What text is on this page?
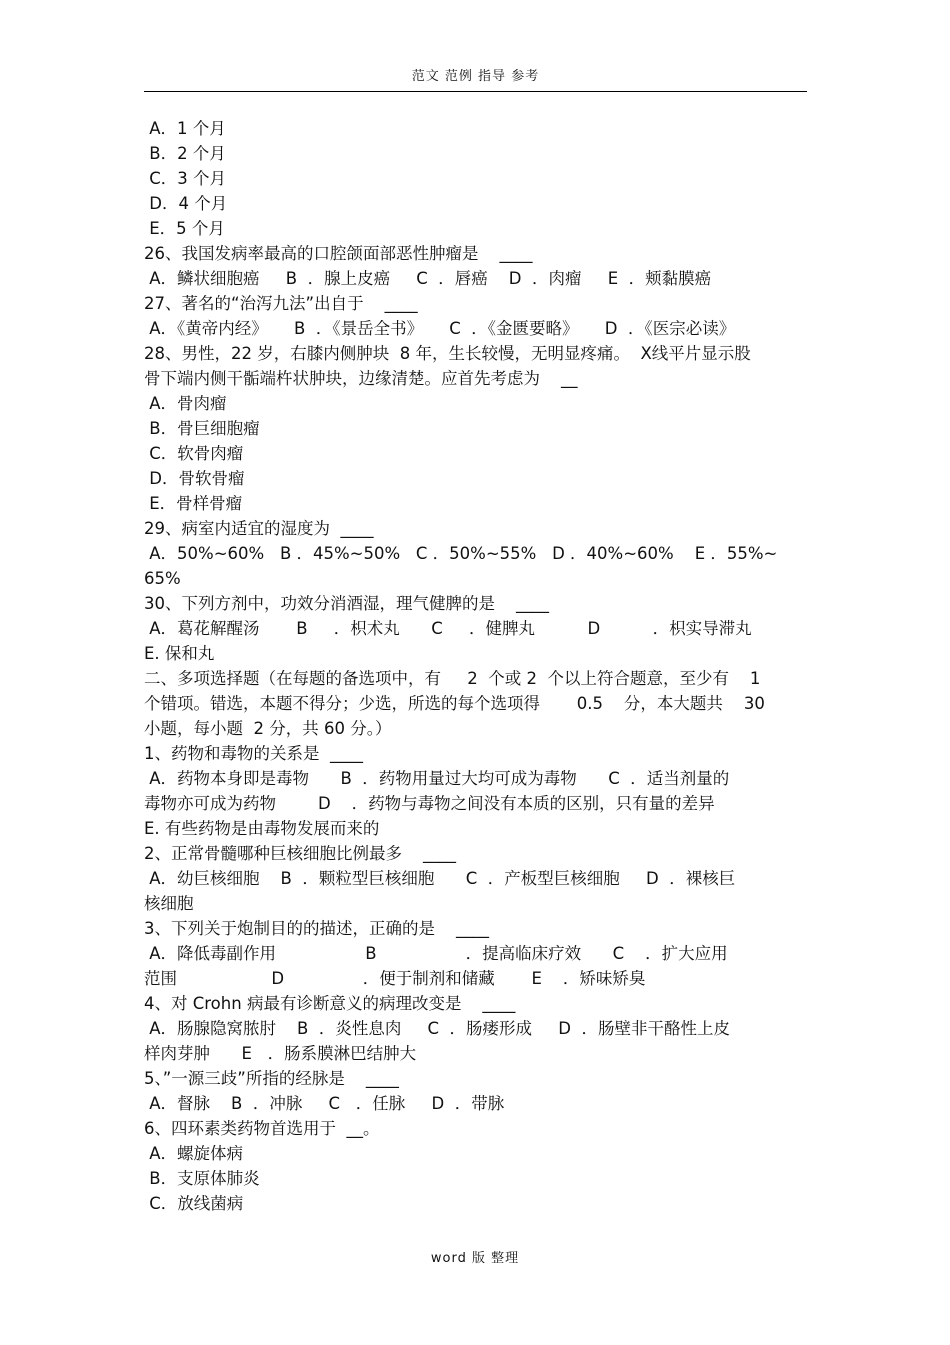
范文 范例 指导 参考
A．1 个月
B．2 个月
C．3 个月
D．4 个月
E．5 个月
26、我国发病率最高的口腔颌面部恶性肿瘤是    ____
A．鳞状细胞癌     B  ．腺上皮癌     C  ．唇癌    D  ．肉瘤     E  ．颊黏膜癌
27、著名的“治泻九法”出自于    ____
A．《黄帝内经》     B  ．《景岳全书》     C  ．《金匮要略》     D  ．《医宗必读》
28、男性，22 岁，右膝内侧肿块  8 年，生长较慢，无明显疼痛。  X线平片显示股
骨下端内侧干骺端杵状肿块，边缘清楚。应首先考虑为    __
A．骨肉瘤
B．骨巨细胞瘤
C．软骨肉瘤
D．骨软骨瘤
E．骨样骨瘤
29、病室内适宜的湿度为  ____
A．50%~60%   B ．45%~50%   C ．50%~55%   D ．40%~60%    E ．55%~
65%
30、下列方剂中，功效分消酒湿，理气健脾的是    ____
A．葛花解醒汤       B     ．枳术丸      C     ．健脾丸          D          ．枳实导滞丸
E. 保和丸
二、多项选择题（在每题的备选项中，有     2  个或 2  个以上符合题意，至少有    1
个错项。错选，本题不得分；少选，所选的每个选项得       0.5    分，本大题共    30
小题，每小题  2 分，共 60 分。）
1、药物和毒物的关系是  ____
A．药物本身即是毒物      B  ．药物用量过大均可成为毒物      C  ．适当剂量的
毒物亦可成为药物        D    ．药物与毒物之间没有本质的区别，只有量的差异
E. 有些药物是由毒物发展而来的
2、正常骨髓哪种巨核细胞比例最多    ____
A．幼巨核细胞    B  ．颗粒型巨核细胞      C  ．产板型巨核细胞     D  ．裸核巨
核细胞
3、下列关于炮制目的的描述，正确的是    ____
A．降低毒副作用                 B                 ．提高临床疗效      C    ．扩大应用
范围                  D               ．便于制剂和储藏       E    ．矫味矫臭
4、对 Crohn 病最有诊断意义的病理改变是    ____
A．肠腺隐窝脓肘    B  ．炎性息肉     C  ．肠瘘形成     D  ．肠壁非干酪性上皮
样肉芽肿      E   ．肠系膜淋巴结肿大
5、”一源三歧”所指的经脉是    ____
A．督脉    B  ．冲脉     C   ．任脉     D  ．带脉
6、四环素类药物首选用于  __。
A．螺旋体病
B．支原体肺炎
C．放线菌病
word 版 整理
